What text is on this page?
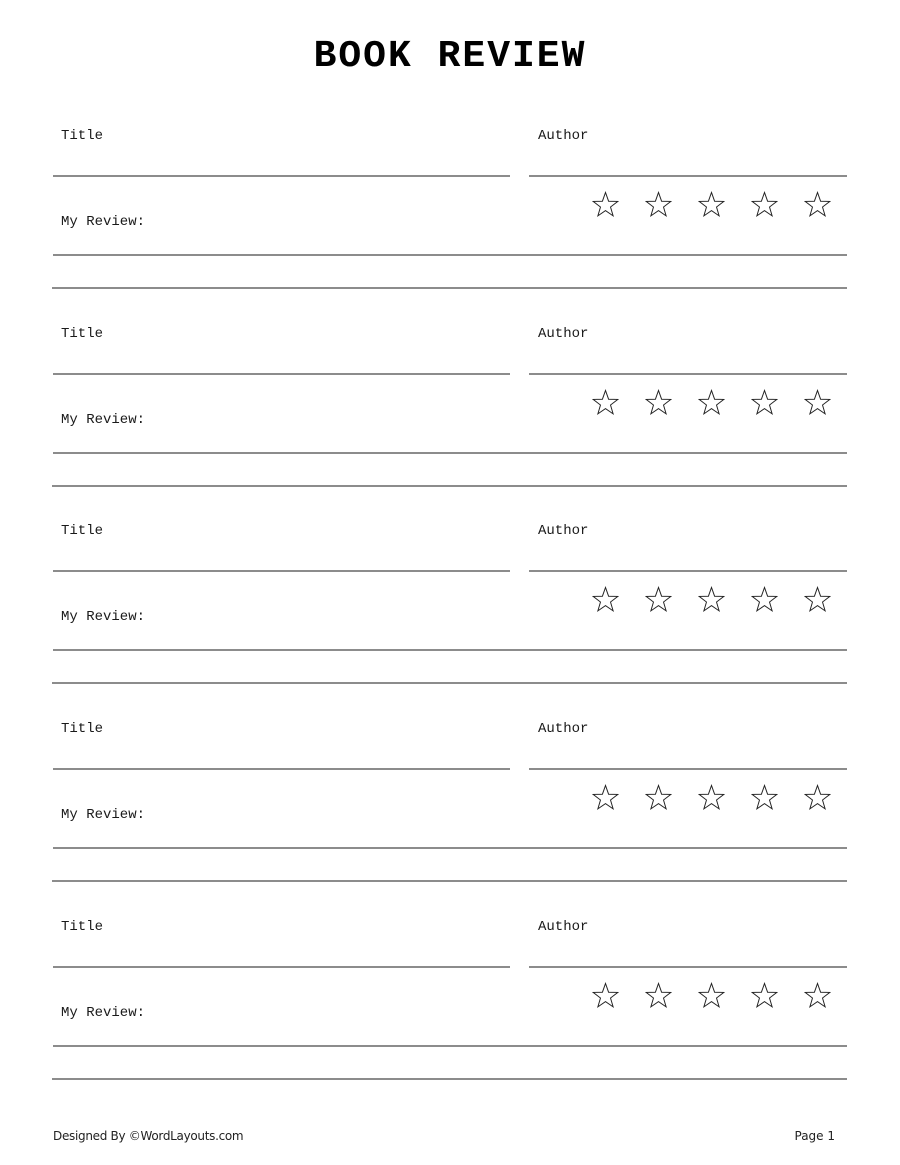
BOOK REVIEW
Title	Author
My Review:
Title	Author
My Review:
Title	Author
My Review:
Title	Author
My Review:
Title	Author
My Review:
Designed By ©WordLayouts.com	Page 1
